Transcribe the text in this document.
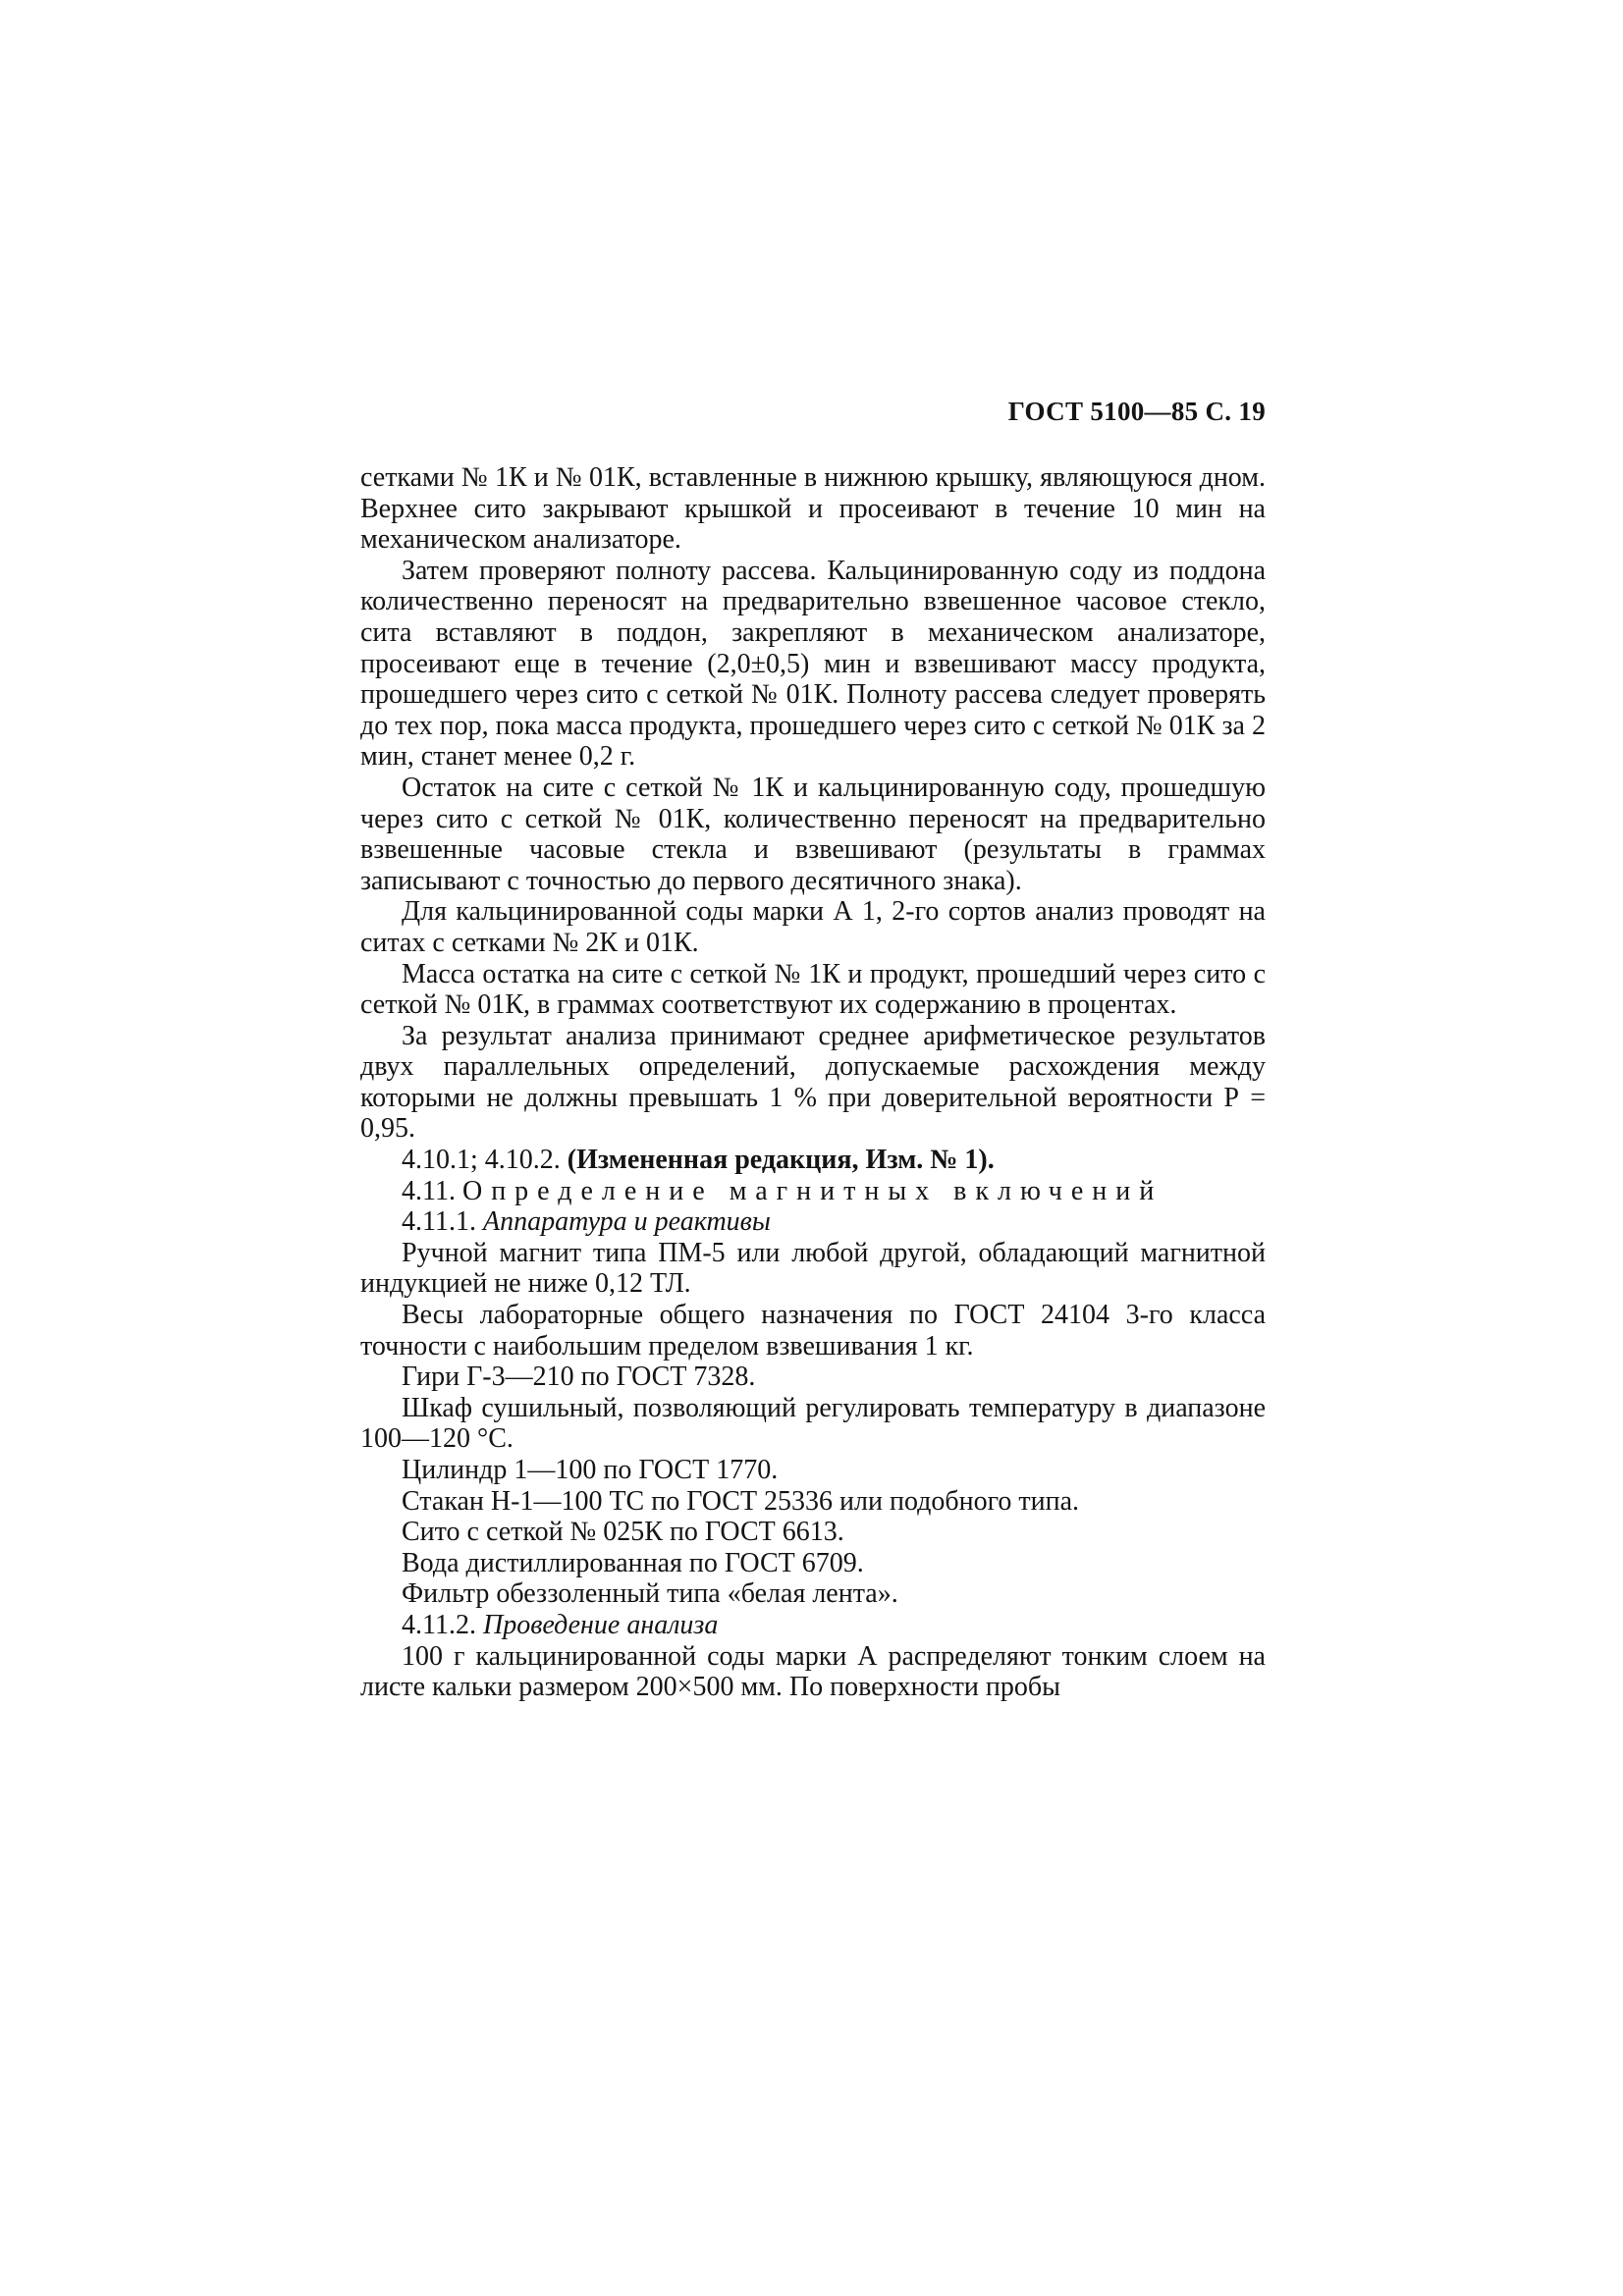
ГОСТ 5100—85 С. 19

сетками № 1К и № 01К, вставленные в нижнюю крышку, являющуюся дном. Верхнее сито закрывают крышкой и просеивают в течение 10 мин на механическом анализаторе.

Затем проверяют полноту рассева. Кальцинированную соду из поддона количественно переносят на предварительно взвешенное часовое стекло, сита вставляют в поддон, закрепляют в механическом анализаторе, просеивают еще в течение (2,0±0,5) мин и взвешивают массу продукта, прошедшего через сито с сеткой № 01К. Полноту рассева следует проверять до тех пор, пока масса продукта, прошедшего через сито с сеткой № 01К за 2 мин, станет менее 0,2 г.

Остаток на сите с сеткой № 1К и кальцинированную соду, прошедшую через сито с сеткой № 01К, количественно переносят на предварительно взвешенные часовые стекла и взвешивают (результаты в граммах записывают с точностью до первого десятичного знака).

Для кальцинированной соды марки А 1, 2-го сортов анализ проводят на ситах с сетками № 2К и 01К.

Масса остатка на сите с сеткой № 1К и продукт, прошедший через сито с сеткой № 01К, в граммах соответствуют их содержанию в процентах.

За результат анализа принимают среднее арифметическое результатов двух параллельных определений, допускаемые расхождения между которыми не должны превышать 1 % при доверительной вероятности Р = 0,95.

4.10.1; 4.10.2. (Измененная редакция, Изм. № 1).

4.11. Определение магнитных включений

4.11.1. Аппаратура и реактивы

Ручной магнит типа ПМ-5 или любой другой, обладающий магнитной индукцией не ниже 0,12 ТЛ.

Весы лабораторные общего назначения по ГОСТ 24104 3-го класса точности с наибольшим пределом взвешивания 1 кг.

Гири Г-3—210 по ГОСТ 7328.

Шкаф сушильный, позволяющий регулировать температуру в диапазоне 100—120 °С.

Цилиндр 1—100 по ГОСТ 1770.

Стакан Н-1—100 ТС по ГОСТ 25336 или подобного типа.

Сито с сеткой № 025К по ГОСТ 6613.

Вода дистиллированная по ГОСТ 6709.

Фильтр обеззоленный типа «белая лента».

4.11.2. Проведение анализа

100 г кальцинированной соды марки А распределяют тонким слоем на листе кальки размером 200×500 мм. По поверхности пробы
